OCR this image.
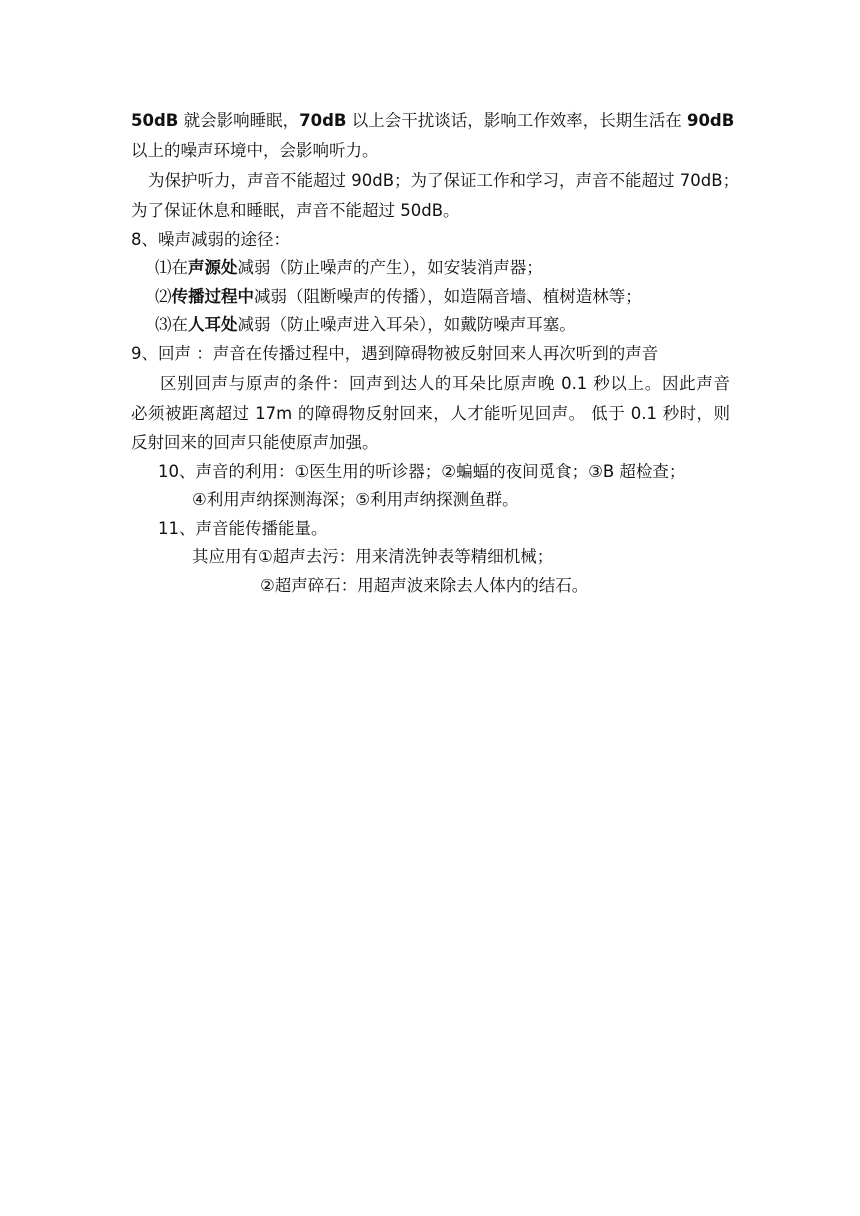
50dB 就会影响睡眠，70dB 以上会干扰谈话，影响工作效率，长期生活在 90dB
以上的噪声环境中，会影响听力。
为保护听力，声音不能超过 90dB；为了保证工作和学习，声音不能超过 70dB；
为了保证休息和睡眠，声音不能超过 50dB。
8、噪声减弱的途径：
⑴在声源处减弱（防止噪声的产生），如安装消声器；
⑵传播过程中减弱（阻断噪声的传播），如造隔音墙、植树造林等；
⑶在人耳处减弱（防止噪声进入耳朵），如戴防噪声耳塞。
9、回声 ：声音在传播过程中，遇到障碍物被反射回来人再次听到的声音
区别回声与原声的条件：回声到达人的耳朵比原声晚 0.1 秒以上。因此声音
必须被距离超过 17m 的障碍物反射回来，人才能听见回声。 低于 0.1 秒时，则
反射回来的回声只能使原声加强。
10、声音的利用：①医生用的听诊器；②蝙蝠的夜间觅食；③B 超检查；
④利用声纳探测海深；⑤利用声纳探测鱼群。
11、声音能传播能量。
其应用有①超声去污：用来清洗钟表等精细机械；
②超声碎石：用超声波来除去人体内的结石。
